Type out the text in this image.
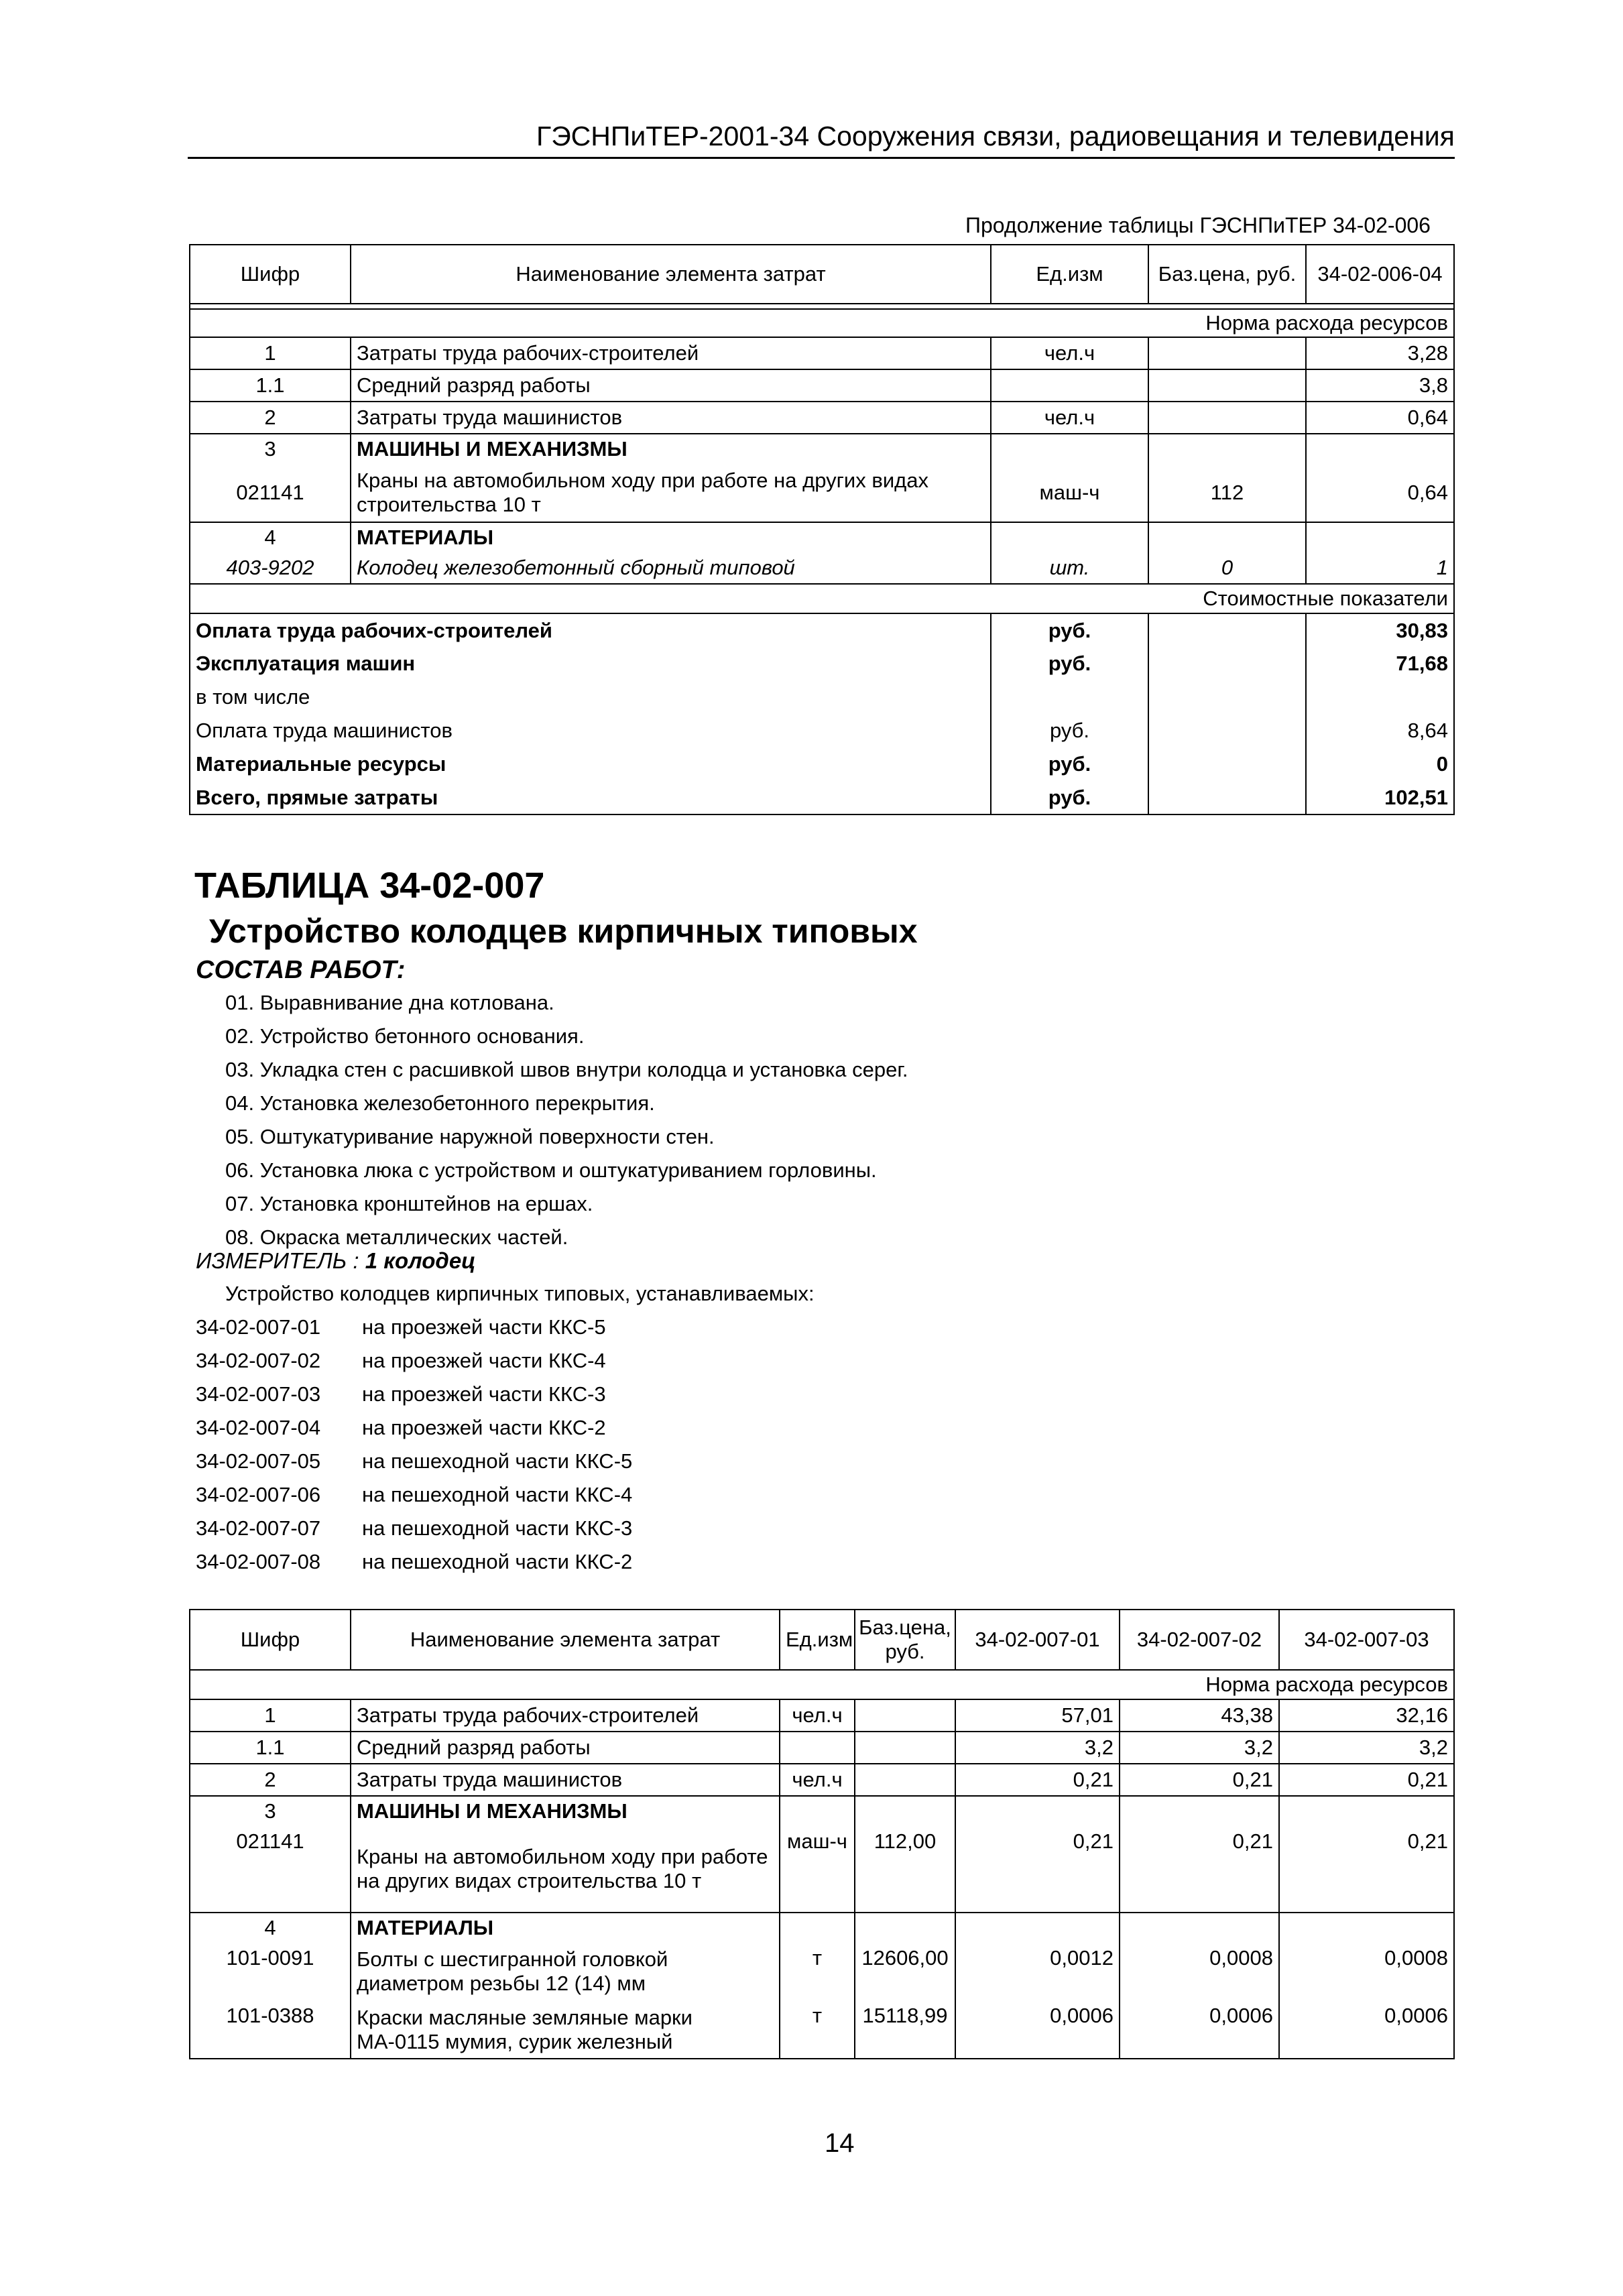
ГЭСНПиТЕР-2001-34 Сооружения связи, радиовещания и телевидения
Продолжение таблицы ГЭСНПиТЕР 34-02-006
Шифр	Наименование элемента затрат	Ед.изм	Баз.цена, руб.	34-02-006-04

Норма расхода ресурсов				
1	Затраты труда рабочих-строителей	чел.ч		3,28
1.1	Средний разряд работы			3,8
2	Затраты труда машинистов	чел.ч		0,64
3	МАШИНЫ И МЕХАНИЗМЫ			
021141	Краны на автомобильном ходу при работе на других видах строительства 10 т	маш-ч	112	0,64
4	МАТЕРИАЛЫ			
403-9202	Колодец железобетонный сборный типовой	шт.	0	1
Стоимостные показатели				
Оплата труда рабочих-строителей		руб.		30,83
Эксплуатация машин		руб.		71,68
в том числе				
Оплата труда машинистов		руб.		8,64
Материальные ресурсы		руб.		0
Всего, прямые затраты		руб.		102,51
ТАБЛИЦА 34-02-007
Устройство колодцев кирпичных типовых
СОСТАВ РАБОТ:
01. Выравнивание дна котлована.
02. Устройство бетонного основания.
03. Укладка стен с расшивкой швов внутри колодца и установка серег.
04. Установка железобетонного перекрытия.
05. Оштукатуривание наружной поверхности стен.
06. Установка люка с устройством и оштукатуриванием горловины.
07. Установка кронштейнов на ершах.
08. Окраска металлических частей.
ИЗМЕРИТЕЛЬ : 1 колодец
Устройство колодцев кирпичных типовых, устанавливаемых:
34-02-007-01 на проезжей части ККС-5
34-02-007-02 на проезжей части ККС-4
34-02-007-03 на проезжей части ККС-3
34-02-007-04 на проезжей части ККС-2
34-02-007-05 на пешеходной части ККС-5
34-02-007-06 на пешеходной части ККС-4
34-02-007-07 на пешеходной части ККС-3
34-02-007-08 на пешеходной части ККС-2
Шифр	Наименование элемента затрат	Ед.изм	Баз.цена, руб.	34-02-007-01	34-02-007-02	34-02-007-03
Норма расхода ресурсов						
1	Затраты труда рабочих-строителей	чел.ч		57,01	43,38	32,16
1.1	Средний разряд работы			3,2	3,2	3,2
2	Затраты труда машинистов	чел.ч		0,21	0,21	0,21
3	МАШИНЫ И МЕХАНИЗМЫ					
021141	Краны на автомобильном ходу при работе на других видах строительства 10 т	маш-ч	112,00	0,21	0,21	0,21
4	МАТЕРИАЛЫ					
101-0091	Болты с шестигранной головкой диаметром резьбы 12 (14) мм	т	12606,00	0,0012	0,0008	0,0008
101-0388	Краски масляные земляные марки МА-0115 мумия, сурик железный	т	15118,99	0,0006	0,0006	0,0006
14
